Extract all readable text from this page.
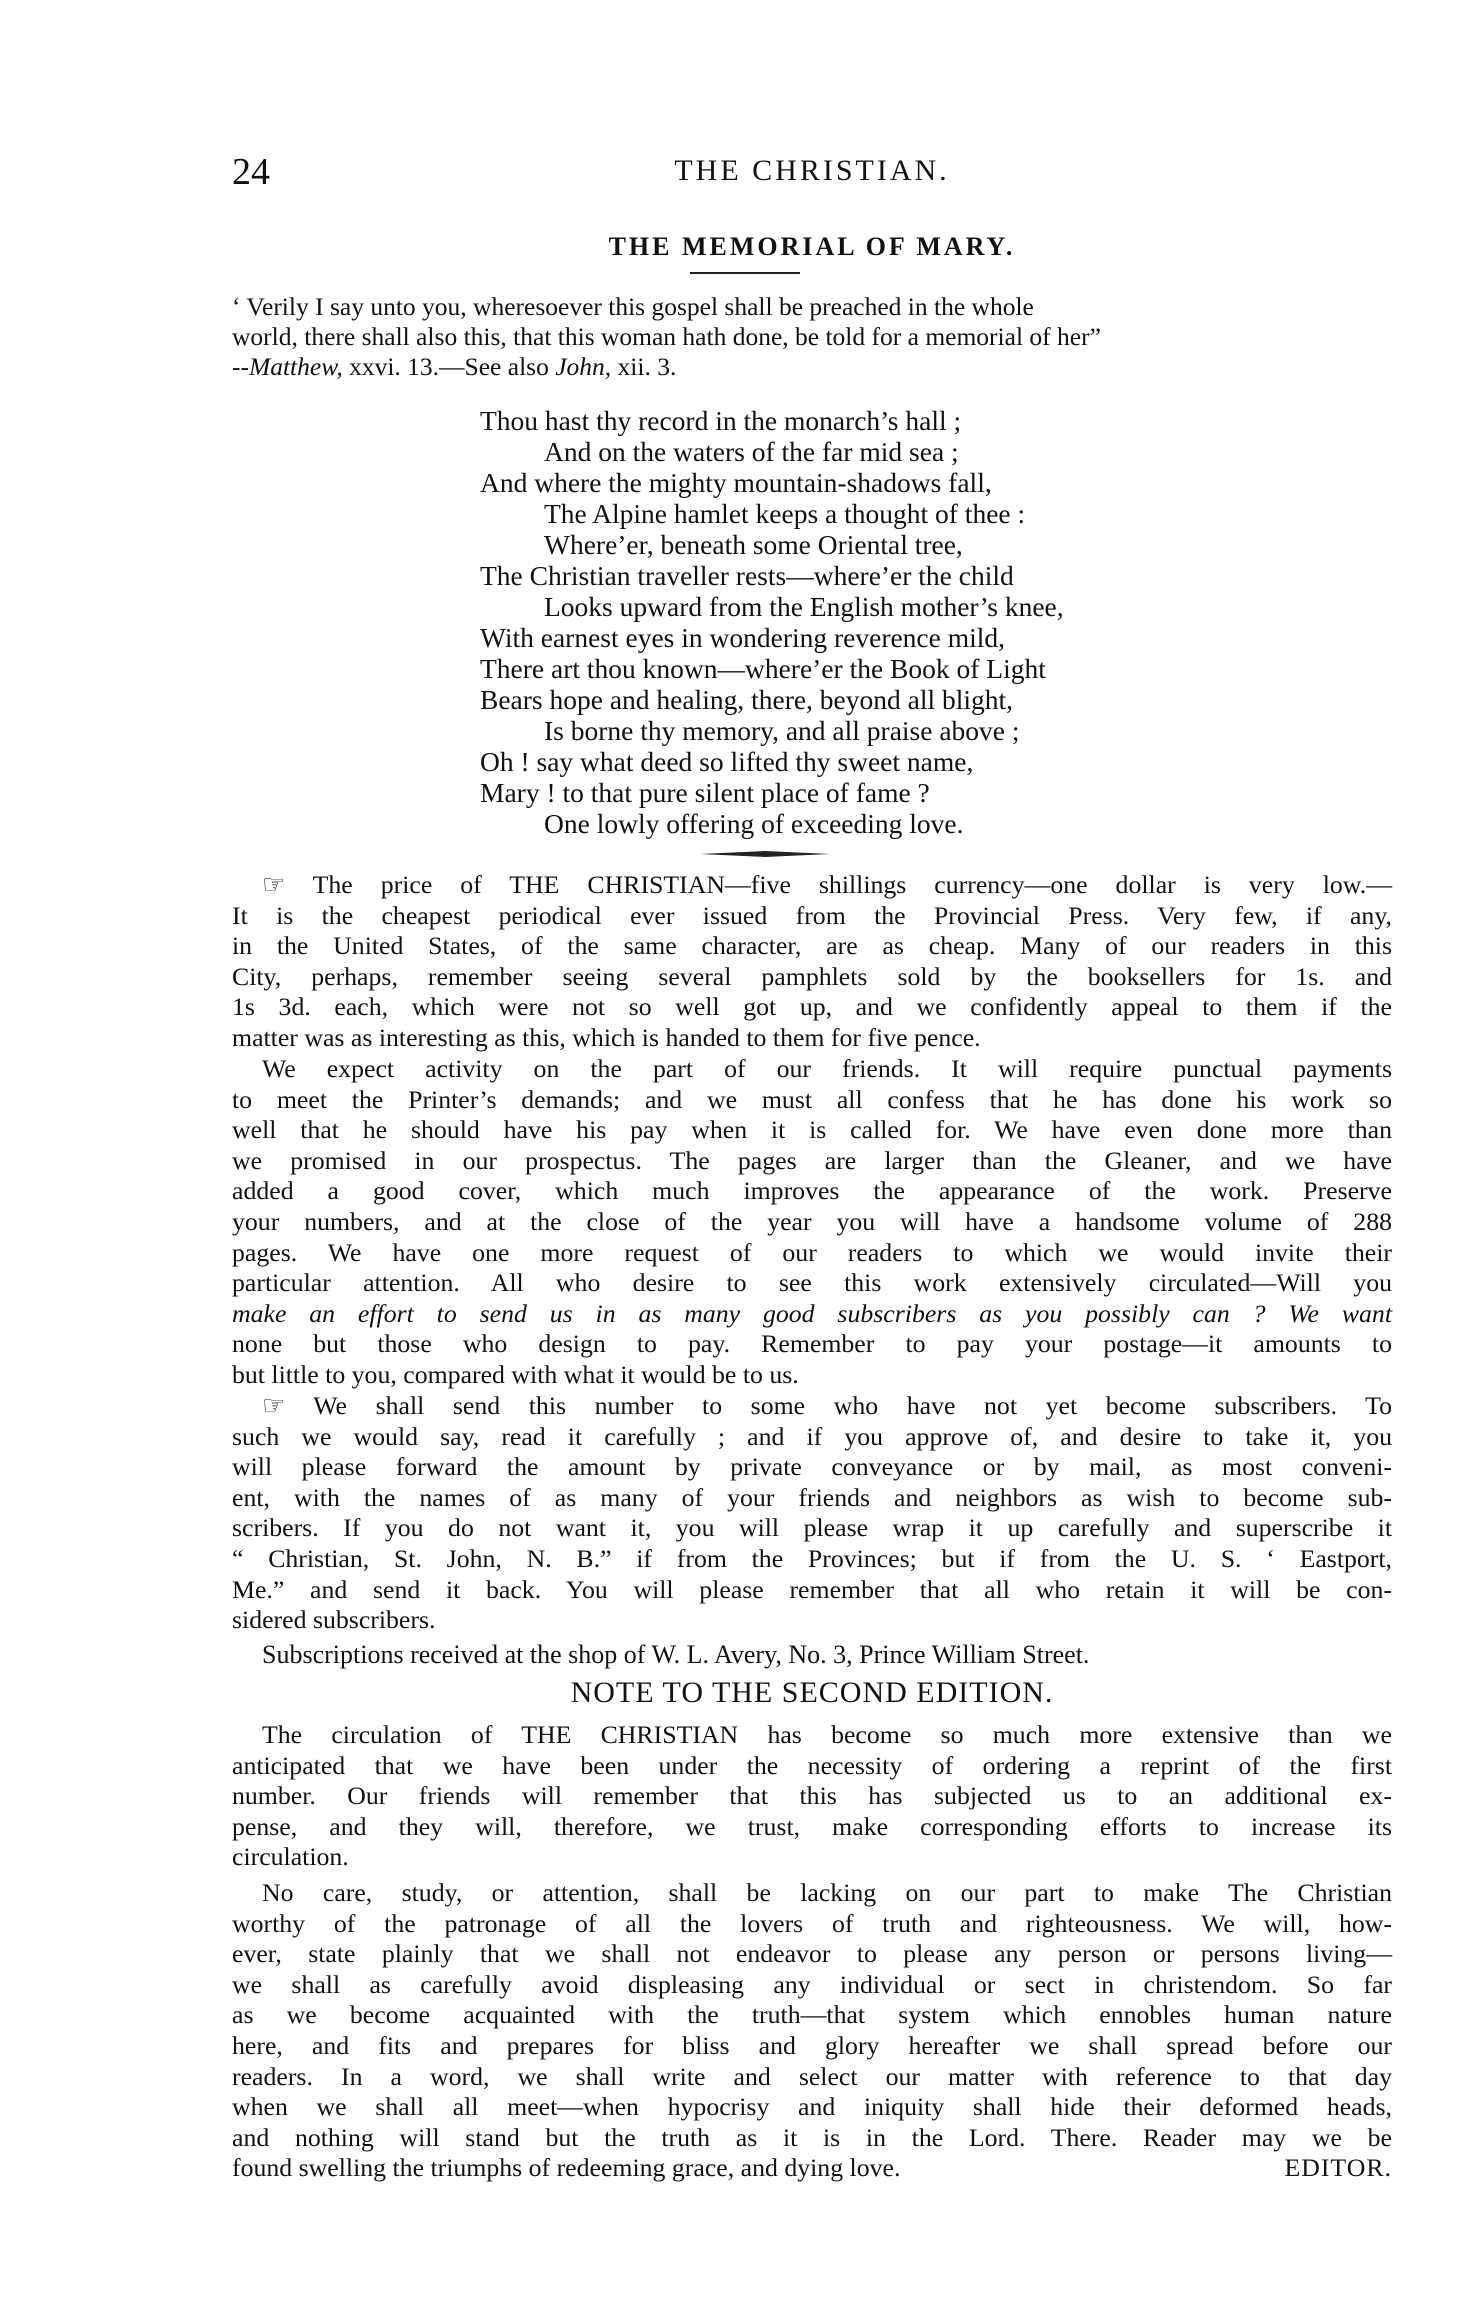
24	THE CHRISTIAN.
THE MEMORIAL OF MARY.
‘ Verily I say unto you, wheresoever this gospel shall be preached in the whole
world, there shall also this, that this woman hath done, be told for a memorial of her”
--Matthew, xxvi. 13.—See also John, xii. 3.
Thou hast thy record in the monarch’s hall ;
And on the waters of the far mid sea ;
And where the mighty mountain-shadows fall,
The Alpine hamlet keeps a thought of thee :
Where’er, beneath some Oriental tree,
The Christian traveller rests—where’er the child
Looks upward from the English mother’s knee,
With earnest eyes in wondering reverence mild,
There art thou known—where’er the Book of Light
Bears hope and healing, there, beyond all blight,
Is borne thy memory, and all praise above ;
Oh ! say what deed so lifted thy sweet name,
Mary ! to that pure silent place of fame ?
One lowly offering of exceeding love.
☞ The price of THE CHRISTIAN—five shillings currency—one dollar is very low.—
It is the cheapest periodical ever issued from the Provincial Press. Very few, if any,
in the United States, of the same character, are as cheap. Many of our readers in this
City, perhaps, remember seeing several pamphlets sold by the booksellers for 1s. and
1s 3d. each, which were not so well got up, and we confidently appeal to them if the
matter was as interesting as this, which is handed to them for five pence.
We expect activity on the part of our friends. It will require punctual payments
to meet the Printer’s demands; and we must all confess that he has done his work so
well that he should have his pay when it is called for. We have even done more than
we promised in our prospectus. The pages are larger than the Gleaner, and we have
added a good cover, which much improves the appearance of the work. Preserve
your numbers, and at the close of the year you will have a handsome volume of 288
pages. We have one more request of our readers to which we would invite their
particular attention. All who desire to see this work extensively circulated—Will you
make an effort to send us in as many good subscribers as you possibly can ? We want
none but those who design to pay. Remember to pay your postage—it amounts to
but little to you, compared with what it would be to us.
☞ We shall send this number to some who have not yet become subscribers. To
such we would say, read it carefully ; and if you approve of, and desire to take it, you
will please forward the amount by private conveyance or by mail, as most conveni-
ent, with the names of as many of your friends and neighbors as wish to become sub-
scribers. If you do not want it, you will please wrap it up carefully and superscribe it
“ Christian, St. John, N. B.” if from the Provinces; but if from the U. S. ‘ Eastport,
Me.” and send it back. You will please remember that all who retain it will be con-
sidered subscribers.
Subscriptions received at the shop of W. L. Avery, No. 3, Prince William Street.
NOTE TO THE SECOND EDITION.
The circulation of THE CHRISTIAN has become so much more extensive than we
anticipated that we have been under the necessity of ordering a reprint of the first
number. Our friends will remember that this has subjected us to an additional ex-
pense, and they will, therefore, we trust, make corresponding efforts to increase its
circulation.
No care, study, or attention, shall be lacking on our part to make The Christian
worthy of the patronage of all the lovers of truth and righteousness. We will, how-
ever, state plainly that we shall not endeavor to please any person or persons living—
we shall as carefully avoid displeasing any individual or sect in christendom. So far
as we become acquainted with the truth—that system which ennobles human nature
here, and fits and prepares for bliss and glory hereafter we shall spread before our
readers. In a word, we shall write and select our matter with reference to that day
when we shall all meet—when hypocrisy and iniquity shall hide their deformed heads,
and nothing will stand but the truth as it is in the Lord. There. Reader may we be
found swelling the triumphs of redeeming grace, and dying love.	EDITOR.
